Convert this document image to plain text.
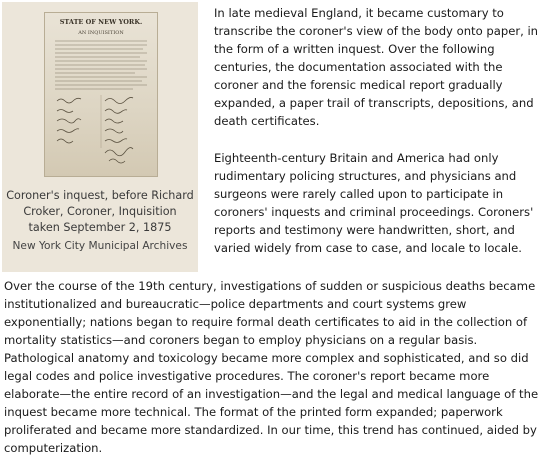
STATE OF NEW YORK.
AN INQUISITION
Coroner's inquest, before Richard Croker, Coroner, Inquisition taken September 2, 1875
New York City Municipal Archives

In late medieval England, it became customary to transcribe the coroner's view of the body onto paper, in the form of a written inquest. Over the following centuries, the documentation associated with the coroner and the forensic medical report gradually expanded, a paper trail of transcripts, depositions, and death certificates.

Eighteenth-century Britain and America had only rudimentary policing structures, and physicians and surgeons were rarely called upon to participate in coroners' inquests and criminal proceedings. Coroners' reports and testimony were handwritten, short, and varied widely from case to case, and locale to locale.

Over the course of the 19th century, investigations of sudden or suspicious deaths became institutionalized and bureaucratic—police departments and court systems grew exponentially; nations began to require formal death certificates to aid in the collection of mortality statistics—and coroners began to employ physicians on a regular basis. Pathological anatomy and toxicology became more complex and sophisticated, and so did legal codes and police investigative procedures. The coroner's report became more elaborate—the entire record of an investigation—and the legal and medical language of the inquest became more technical. The format of the printed form expanded; paperwork proliferated and became more standardized. In our time, this trend has continued, aided by computerization.
